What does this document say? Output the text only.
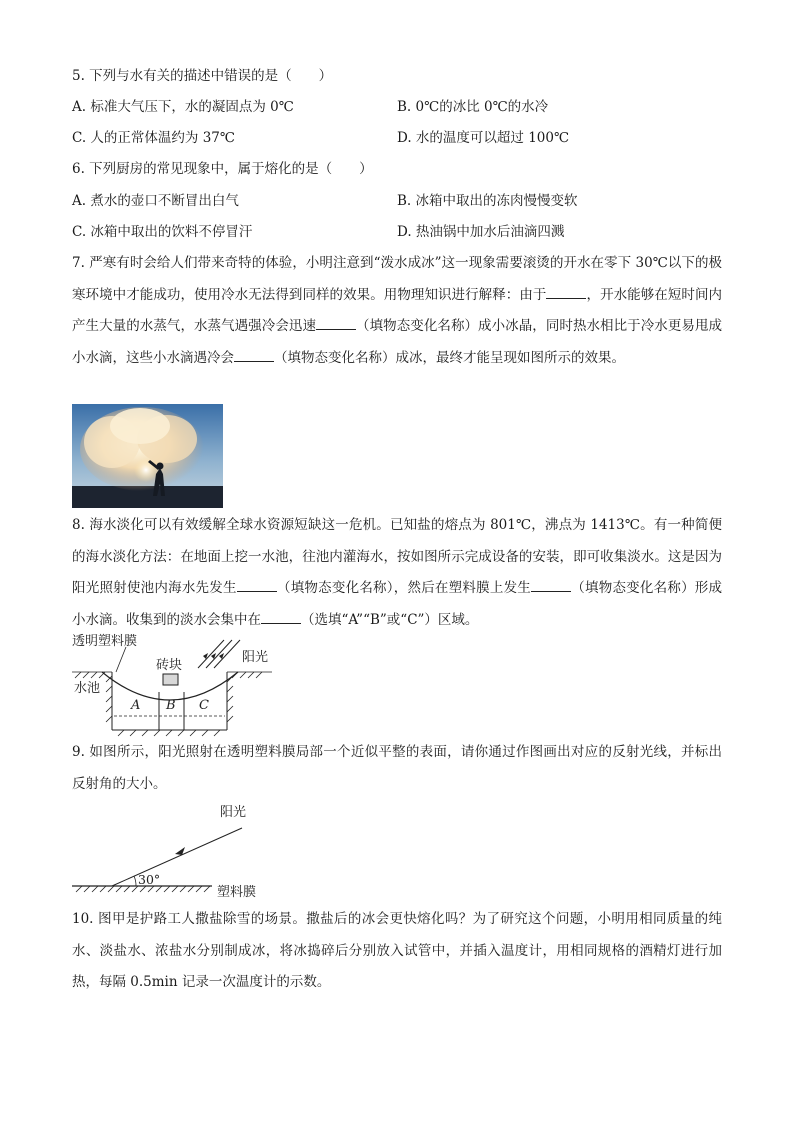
5. 下列与水有关的描述中错误的是（　　）
A. 标准大气压下，水的凝固点为 0℃	B. 0℃的冰比 0℃的水冷
C. 人的正常体温约为 37℃	D. 水的温度可以超过 100℃
6. 下列厨房的常见现象中，属于熔化的是（　　）
A. 煮水的壶口不断冒出白气	B. 冰箱中取出的冻肉慢慢变软
C. 冰箱中取出的饮料不停冒汗	D. 热油锅中加水后油滴四溅
7. 严寒有时会给人们带来奇特的体验，小明注意到“泼水成冰”这一现象需要滚烫的开水在零下 30℃以下的极寒环境中才能成功，使用冷水无法得到同样的效果。用物理知识进行解释：由于	，开水能够在短时间内产生大量的水蒸气，水蒸气遇强冷会迅速	（填物态变化名称）成小冰晶，同时热水相比于冷水更易甩成小水滴，这些小水滴遇冷会	（填物态变化名称）成冰，最终才能呈现如图所示的效果。
8. 海水淡化可以有效缓解全球水资源短缺这一危机。已知盐的熔点为 801℃，沸点为 1413℃。有一种简便的海水淡化方法：在地面上挖一水池，往池内灌海水，按如图所示完成设备的安装，即可收集淡水。这是因为阳光照射使池内海水先发生	（填物态变化名称），然后在塑料膜上发生	（填物态变化名称）形成小水滴。收集到的淡水会集中在	（选填“A”“B”或“C”）区域。
透明塑料膜
砖块
阳光
水池
A B C
9. 如图所示，阳光照射在透明塑料膜局部一个近似平整的表面，请你通过作图画出对应的反射光线，并标出反射角的大小。
阳光
30°
塑料膜
10. 图甲是护路工人撒盐除雪的场景。撒盐后的冰会更快熔化吗？为了研究这个问题，小明用相同质量的纯水、淡盐水、浓盐水分别制成冰，将冰捣碎后分别放入试管中，并插入温度计，用相同规格的酒精灯进行加热，每隔 0.5min 记录一次温度计的示数。
